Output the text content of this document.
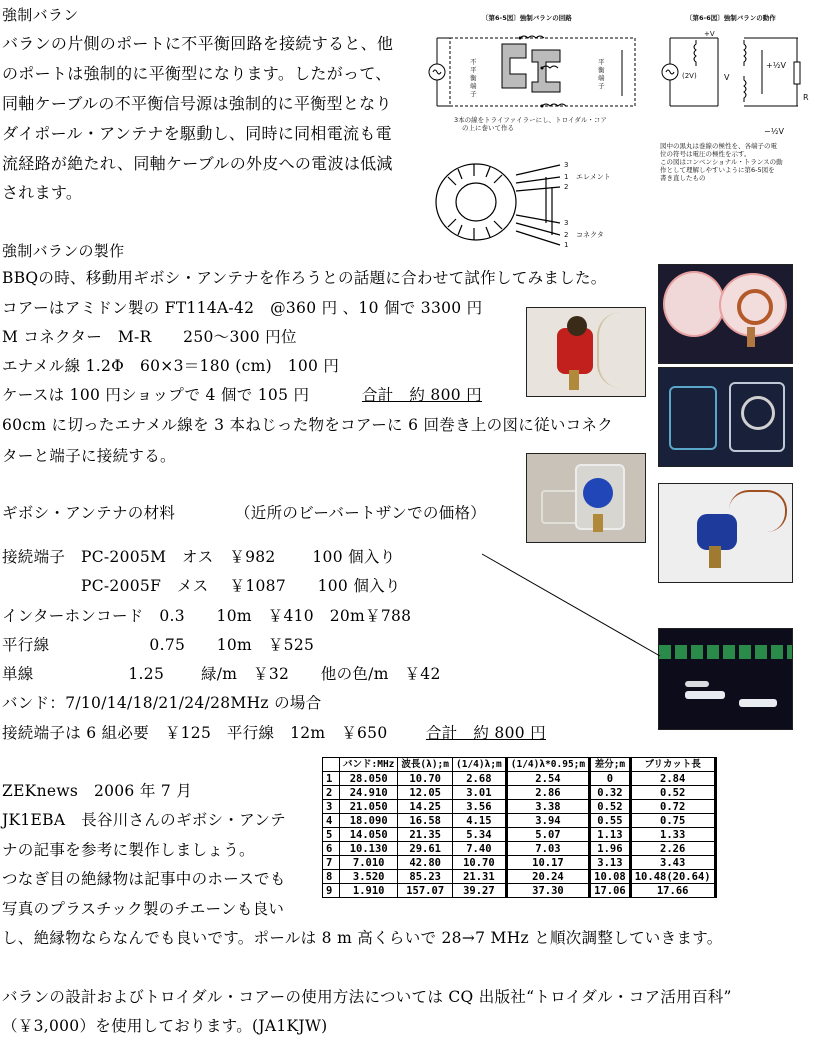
強制バラン
バランの片側のポートに不平衡回路を接続すると、他
のポートは強制的に平衡型になります。したがって、
同軸ケーブルの不平衡信号源は強制的に平衡型となり
ダイポール・アンテナを駆動し、同時に同相電流も電
流経路が絶たれ、同軸ケーブルの外皮への電波は低減
されます。
〔第6-5図〕強制バランの回路
不平衡端子
平衡端子
3本の線をトライファイラーにし、トロイダル・コア
の上に巻いて作る
〔第6-6図〕強制バランの動作
(2V)
+V
+½V
−½V
V
R
図中の黒丸は巻線の極性を、各端子の電
位の符号は電圧の極性を示す。
この図はコンベンショナル・トランスの動
作として理解しやすいように第6-5図を
書き直したもの
3
1
2
エレメント
3
2
1
コネクタ
強制バランの製作
BBQの時、移動用ギボシ・アンテナを作ろうとの話題に合わせて試作してみました。
コアーはアミドン製の FT114A-42　@360 円 、10 個で 3300 円
M コネクター　M-R　　250～300 円位
エナメル線 1.2Φ　60×3＝180 (cm)　100 円
ケースは 100 円ショップで 4 個で 105 円	合計　約 800 円
60cm に切ったエナメル線を 3 本ねじった物をコアーに 6 回巻き上の図に従いコネク
ターと端子に接続する。
ギボシ・アンテナの材料	（近所のビーバートザンでの価格）
接続端子　PC-2005M　オス　￥982　　 100 個入り
　　　　　PC-2005F　メス　 ￥1087　　100 個入り
インターホンコード　0.3　　10m　￥410　20m￥788
平行線　　　　　　 0.75　　10m　￥525
単線　　　　　　1.25　　 緑/m　￥32　　他の色/m　￥42
バンド：7/10/14/18/21/24/28MHz の場合
接続端子は 6 組必要　￥125　平行線　12m　￥650 合計　約 800 円
ZEKnews　2006 年 7 月
JK1EBA　長谷川さんのギボシ・アンテ
ナの記事を参考に製作しましょう。
つなぎ目の絶縁物は記事中のホースでも
写真のプラスチック製のチエーンも良い
し、絶縁物ならなんでも良いです。ポールは 8 m 高くらいで 28→7 MHz と順次調整していきます。
バランの設計およびトロイダル・コアーの使用方法については CQ 出版社“トロイダル・コア活用百科”
（￥3,000）を使用しております。(JA1KJW)
	バンド:MHz	波長(λ);m	(1/4)λ;m	(1/4)λ*0.95;m	差分;m	ブリカット長
1	28.050	10.70	2.68	2.54	0	2.84
2	24.910	12.05	3.01	2.86	0.32	0.52
3	21.050	14.25	3.56	3.38	0.52	0.72
4	18.090	16.58	4.15	3.94	0.55	0.75
5	14.050	21.35	5.34	5.07	1.13	1.33
6	10.130	29.61	7.40	7.03	1.96	2.26
7	7.010	42.80	10.70	10.17	3.13	3.43
8	3.520	85.23	21.31	20.24	10.08	10.48(20.64)
9	1.910	157.07	39.27	37.30	17.06	17.66
